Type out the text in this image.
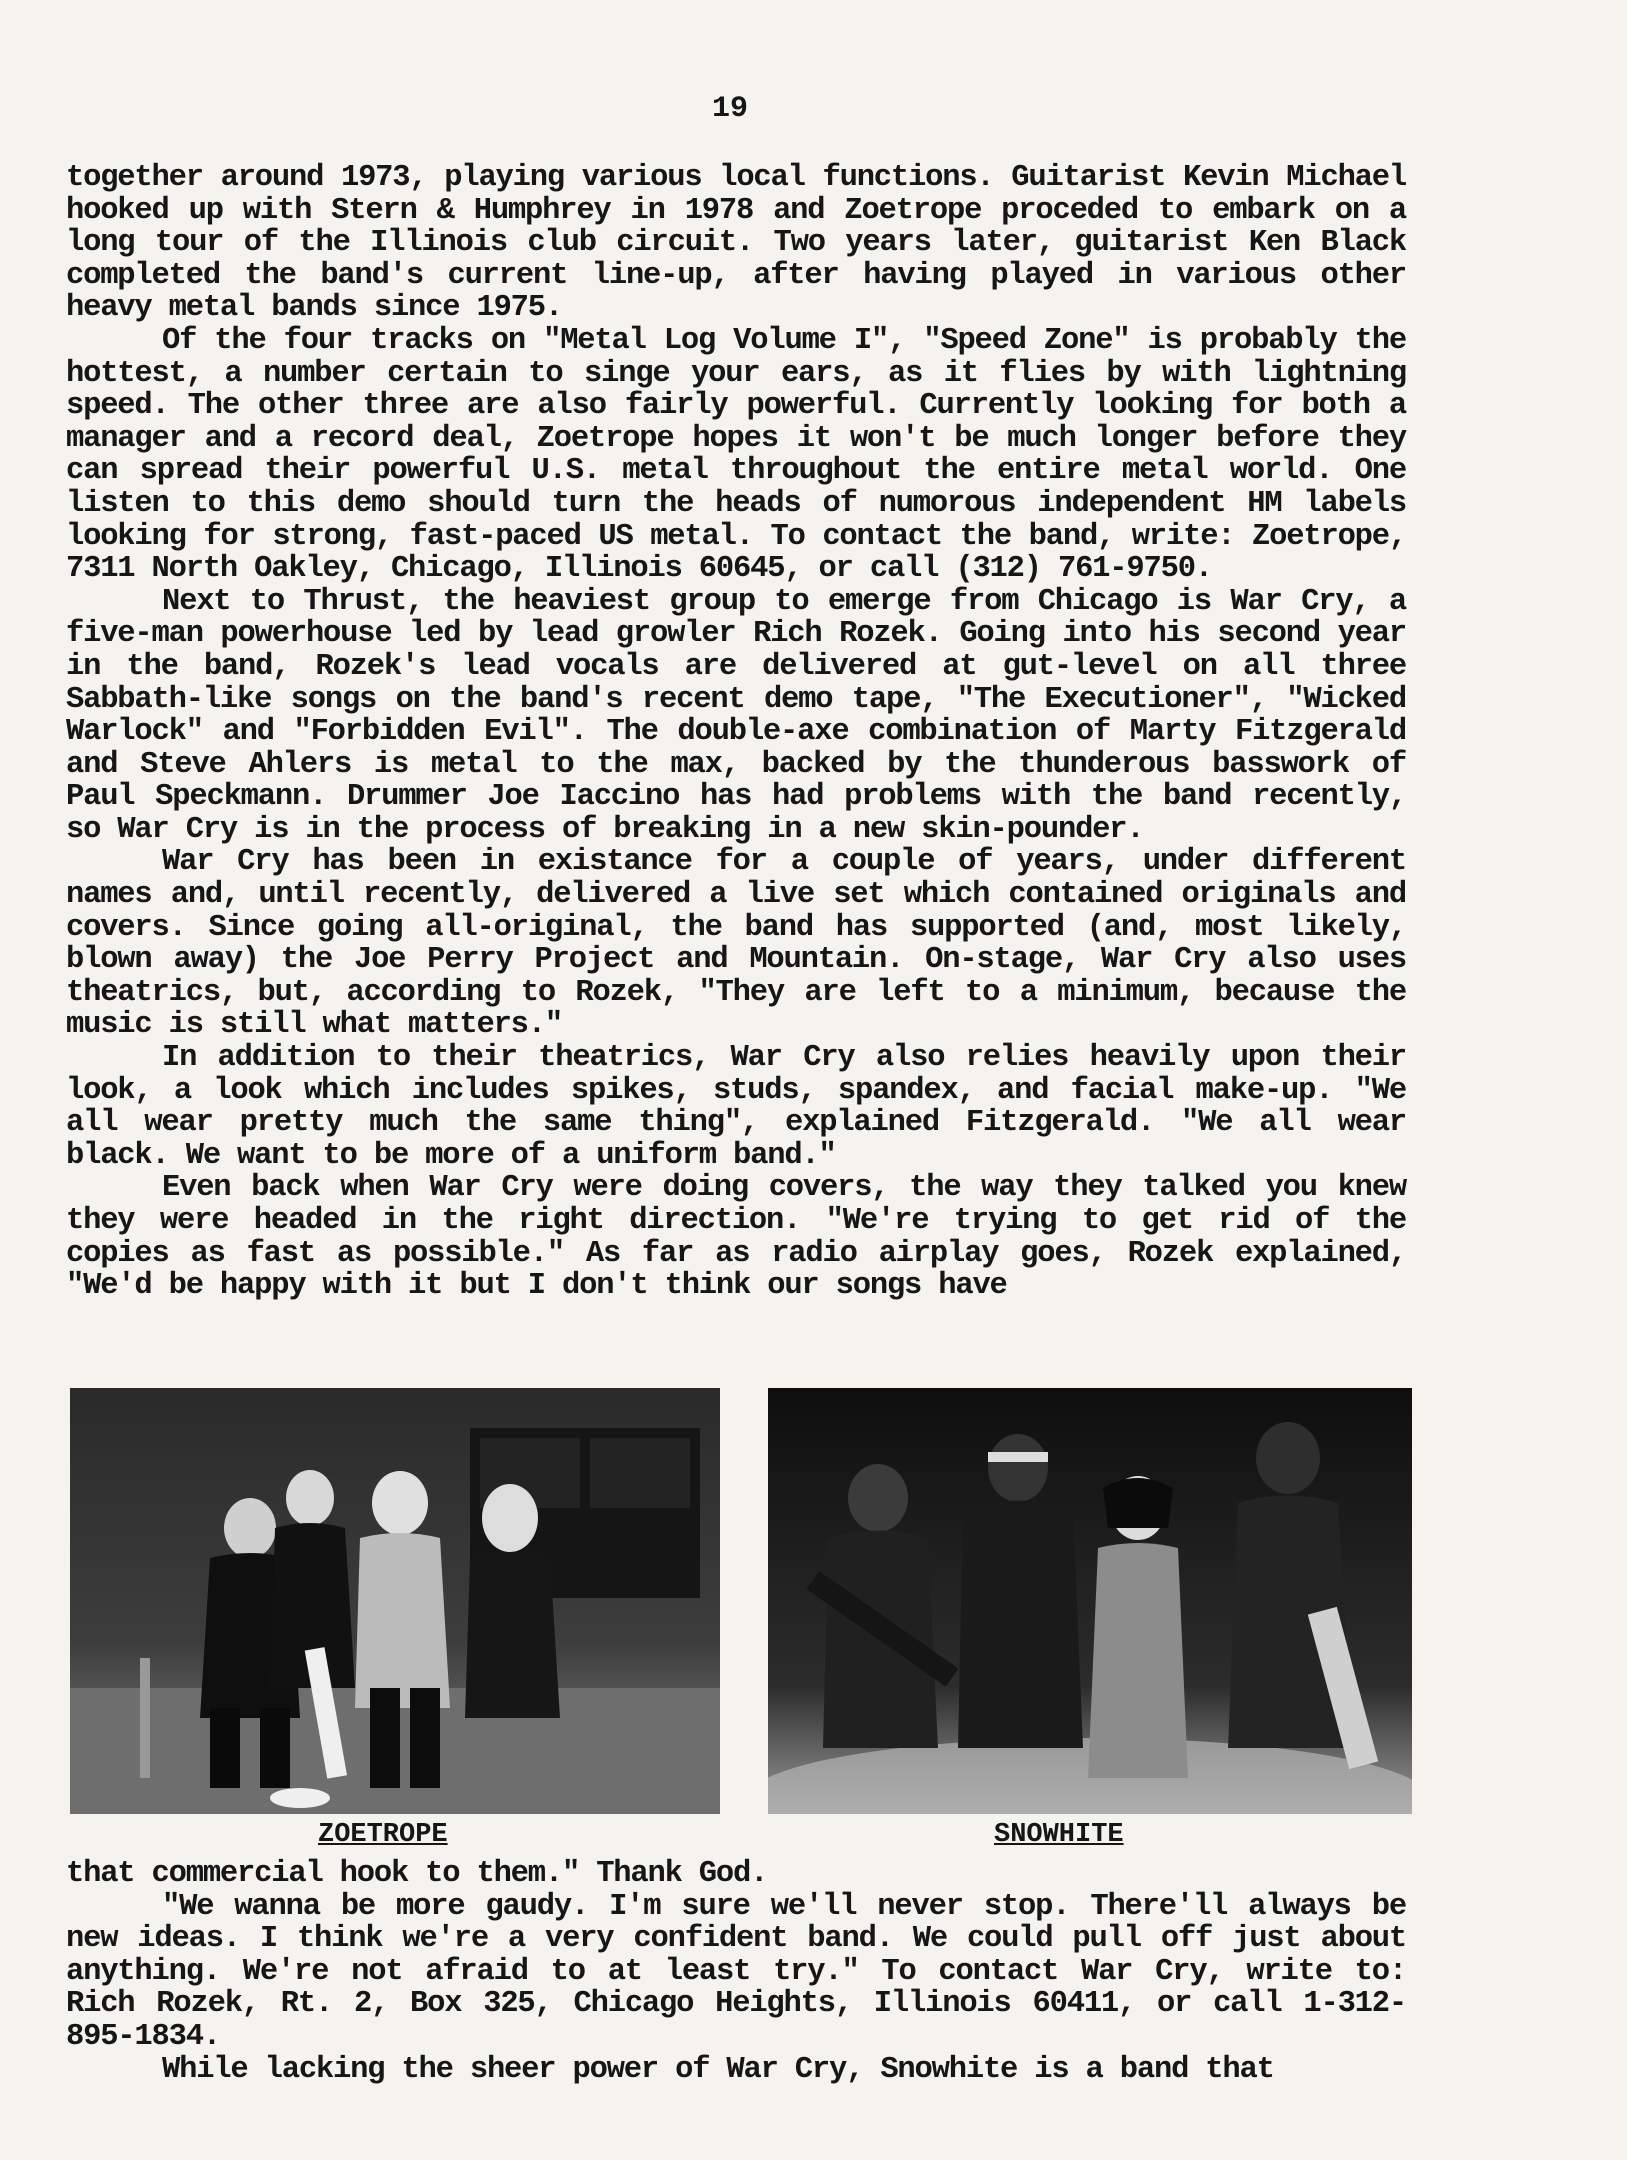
19

together around 1973, playing various local functions. Guitarist Kevin Michael hooked up with Stern & Humphrey in 1978 and Zoetrope proceded to embark on a long tour of the Illinois club circuit. Two years later, guitarist Ken Black completed the band's current line-up, after having played in various other heavy metal bands since 1975.

Of the four tracks on "Metal Log Volume I", "Speed Zone" is probably the hottest, a number certain to singe your ears, as it flies by with lightning speed. The other three are also fairly powerful. Currently looking for both a manager and a record deal, Zoetrope hopes it won't be much longer before they can spread their powerful U.S. metal throughout the entire metal world. One listen to this demo should turn the heads of numorous independent HM labels looking for strong, fast-paced US metal. To contact the band, write: Zoetrope, 7311 North Oakley, Chicago, Illinois 60645, or call (312) 761-9750.

Next to Thrust, the heaviest group to emerge from Chicago is War Cry, a five-man powerhouse led by lead growler Rich Rozek. Going into his second year in the band, Rozek's lead vocals are delivered at gut-level on all three Sabbath-like songs on the band's recent demo tape, "The Executioner", "Wicked Warlock" and "Forbidden Evil". The double-axe combination of Marty Fitzgerald and Steve Ahlers is metal to the max, backed by the thunderous basswork of Paul Speckmann. Drummer Joe Iaccino has had problems with the band recently, so War Cry is in the process of breaking in a new skin-pounder.

War Cry has been in existance for a couple of years, under different names and, until recently, delivered a live set which contained originals and covers. Since going all-original, the band has supported (and, most likely, blown away) the Joe Perry Project and Mountain. On-stage, War Cry also uses theatrics, but, according to Rozek, "They are left to a minimum, because the music is still what matters."

In addition to their theatrics, War Cry also relies heavily upon their look, a look which includes spikes, studs, spandex, and facial make-up. "We all wear pretty much the same thing", explained Fitzgerald. "We all wear black. We want to be more of a uniform band."

Even back when War Cry were doing covers, the way they talked you knew they were headed in the right direction. "We're trying to get rid of the copies as fast as possible." As far as radio airplay goes, Rozek explained, "We'd be happy with it but I don't think our songs have

ZOETROPE	SNOWHITE

that commercial hook to them." Thank God.

"We wanna be more gaudy. I'm sure we'll never stop. There'll always be new ideas. I think we're a very confident band. We could pull off just about anything. We're not afraid to at least try." To contact War Cry, write to: Rich Rozek, Rt. 2, Box 325, Chicago Heights, Illinois 60411, or call 1-312-895-1834.

While lacking the sheer power of War Cry, Snowhite is a band that
